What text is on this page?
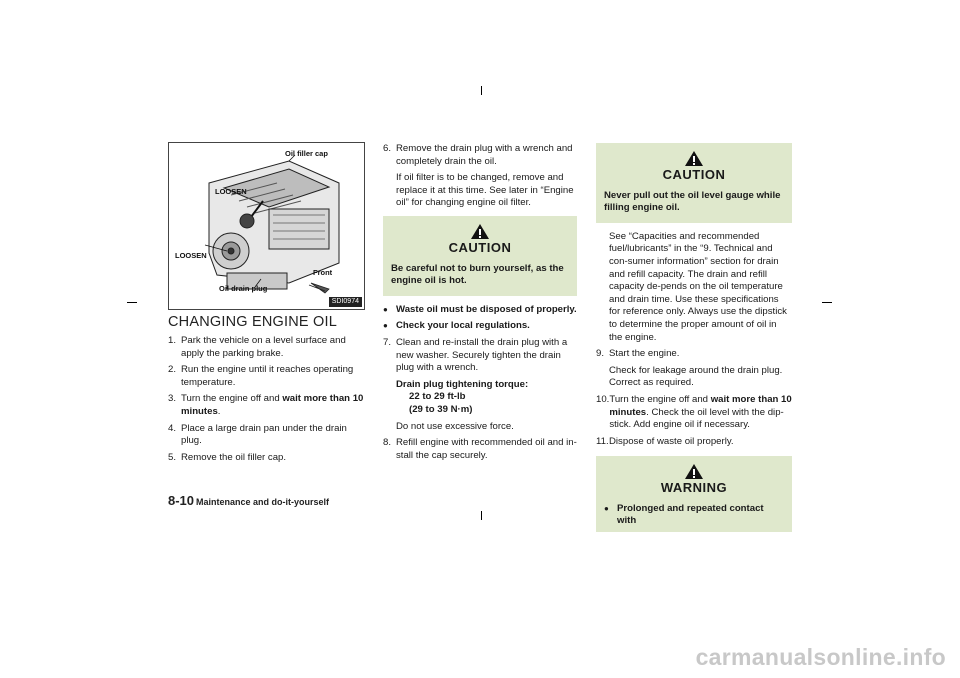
Oil filler cap
LOOSEN
LOOSEN
Oil drain plug
Front
SDI0974
CHANGING ENGINE OIL
1. Park the vehicle on a level surface and apply the parking brake.
2. Run the engine until it reaches operating temperature.
3. Turn the engine off and wait more than 10 minutes.
4. Place a large drain pan under the drain plug.
5. Remove the oil filler cap.
6. Remove the drain plug with a wrench and completely drain the oil.

If oil filter is to be changed, remove and replace it at this time. See later in “Engine oil” for changing engine oil filter.

CAUTION
Be careful not to burn yourself, as the engine oil is hot.
● Waste oil must be disposed of properly.
● Check your local regulations.
7. Clean and re-install the drain plug with a new washer. Securely tighten the drain plug with a wrench.

Drain plug tightening torque:

22 to 29 ft-lb

(29 to 39 N·m)

Do not use excessive force.

8. Refill engine with recommended oil and in-stall the cap securely.
CAUTION
Never pull out the oil level gauge while filling engine oil.

See “Capacities and recommended fuel/lubricants” in the “9. Technical and con-sumer information” section for drain and refill capacity. The drain and refill capacity de-pends on the oil temperature and drain time. Use these specifications for reference only. Always use the dipstick to determine the proper amount of oil in the engine.

9. Start the engine.

Check for leakage around the drain plug. Correct as required.

10. Turn the engine off and wait more than 10 minutes. Check the oil level with the dip-stick. Add engine oil if necessary.
11. Dispose of waste oil properly.
WARNING
● Prolonged and repeated contact with
8-10 Maintenance and do-it-yourself
carmanualsonline.info
